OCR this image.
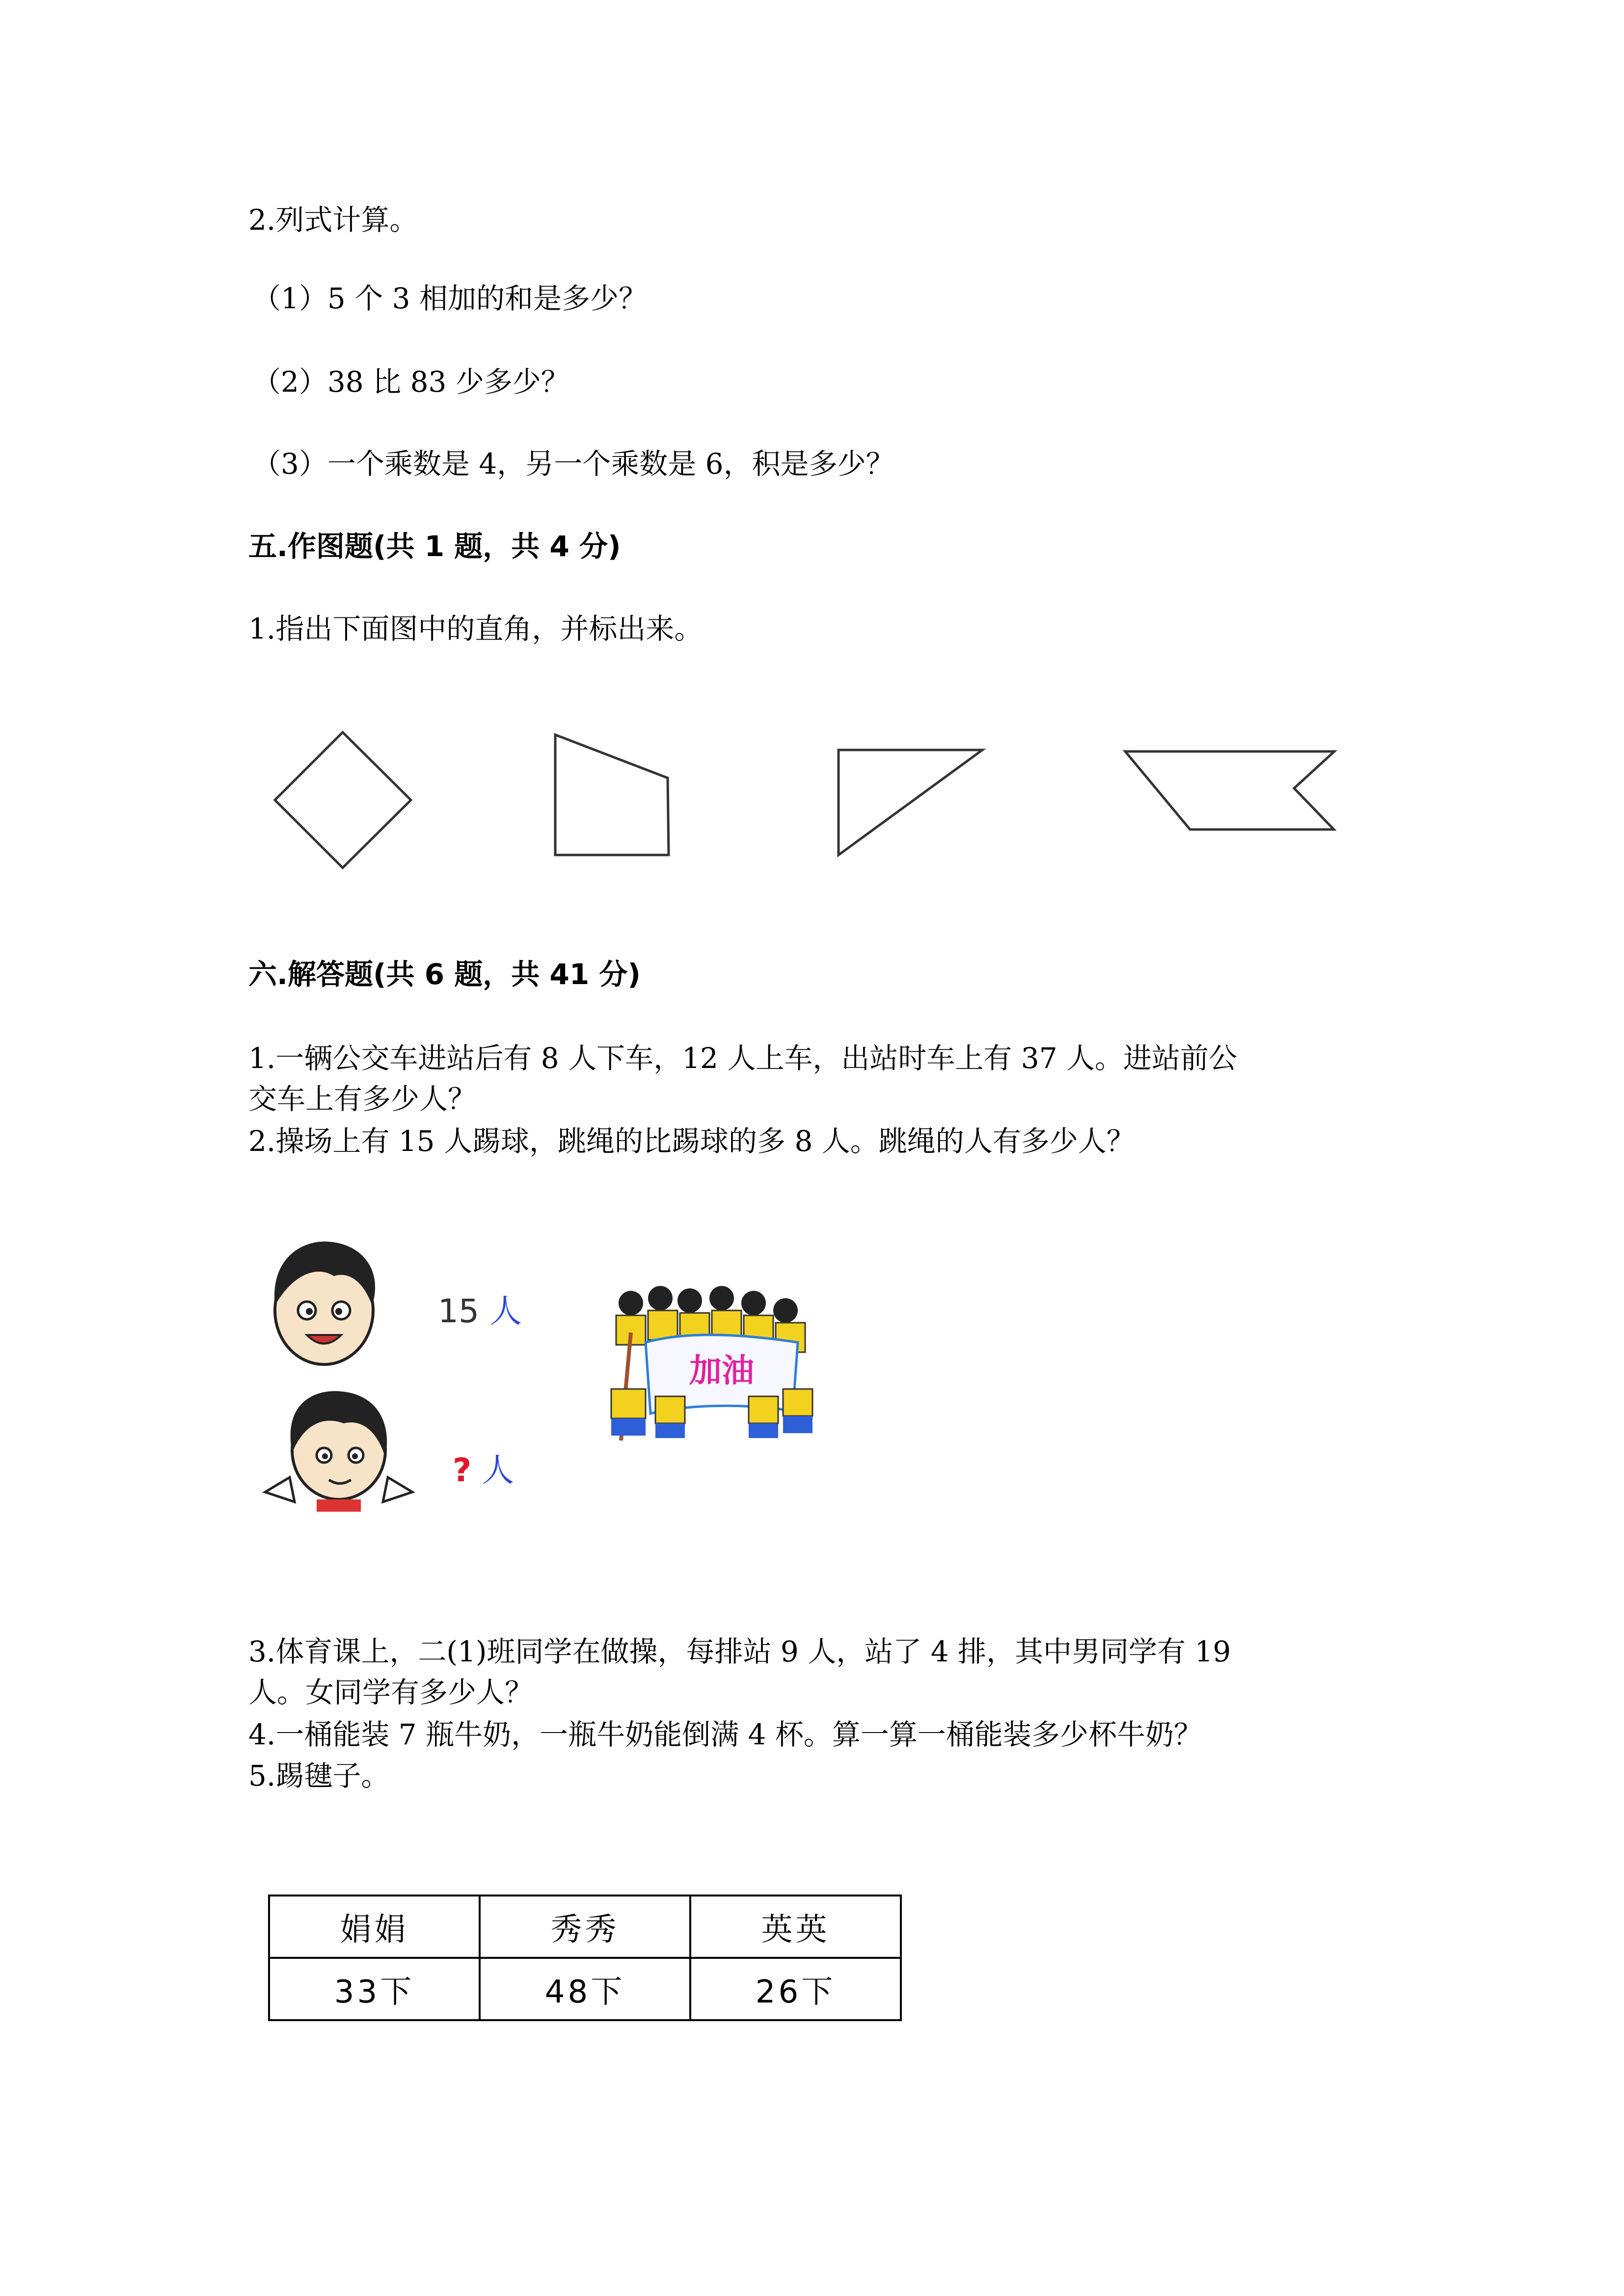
2.列式计算。
（1）5 个 3 相加的和是多少？
（2）38 比 83 少多少？
（3）一个乘数是 4，另一个乘数是 6，积是多少？
五.作图题(共 1 题，共 4 分)
1.指出下面图中的直角，并标出来。
六.解答题(共 6 题，共 41 分)
1.一辆公交车进站后有 8 人下车，12 人上车，出站时车上有 37 人。进站前公
交车上有多少人？
2.操场上有 15 人踢球，跳绳的比踢球的多 8 人。跳绳的人有多少人？
15 人
? 人
加油
3.体育课上，二(1)班同学在做操，每排站 9 人，站了 4 排，其中男同学有 19
人。女同学有多少人？
4.一桶能装 7 瓶牛奶，一瓶牛奶能倒满 4 杯。算一算一桶能装多少杯牛奶？
5.踢毽子。
娟娟	秀秀	英英
33下	48下	26下
